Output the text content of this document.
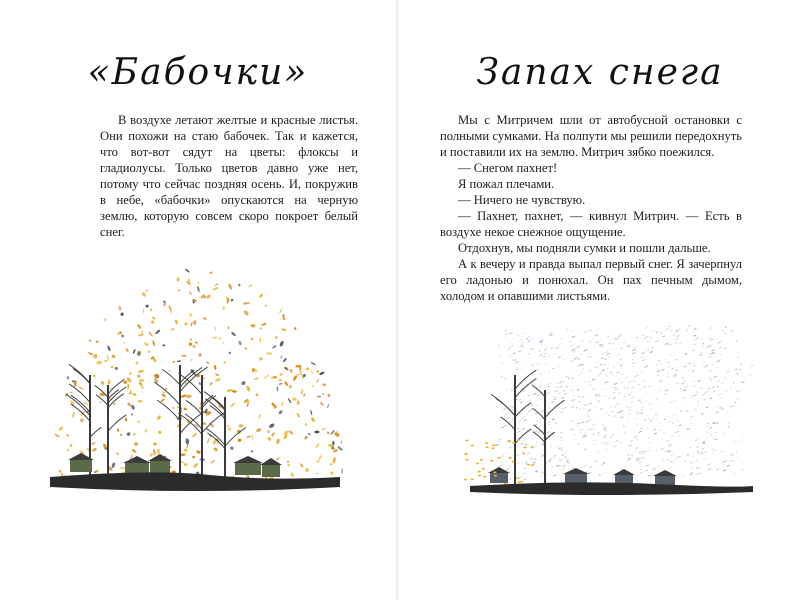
«Бабочки»

В воздухе летают желтые и красные листья. Они похожи на стаю бабочек. Так и кажется, что вот-вот сядут на цветы: флоксы и гладиолусы. Только цветов давно уже нет, потому что сейчас поздняя осень. И, покружив в небе, «бабочки» опускаются на черную землю, которую совсем скоро покроет белый снег.

Запах снега

Мы с Митричем шли от автобусной остановки с полными сумками. На полпути мы решили передохнуть и поставили их на землю. Митрич зябко поежился.

— Снегом пахнет!

Я пожал плечами.

— Ничего не чувствую.

— Пахнет, пахнет, — кивнул Митрич. — Есть в воздухе некое снежное ощущение.

Отдохнув, мы подняли сумки и пошли дальше.

А к вечеру и правда выпал первый снег. Я зачерпнул его ладонью и понюхал. Он пах печным дымом, холодом и опавшими листьями.
